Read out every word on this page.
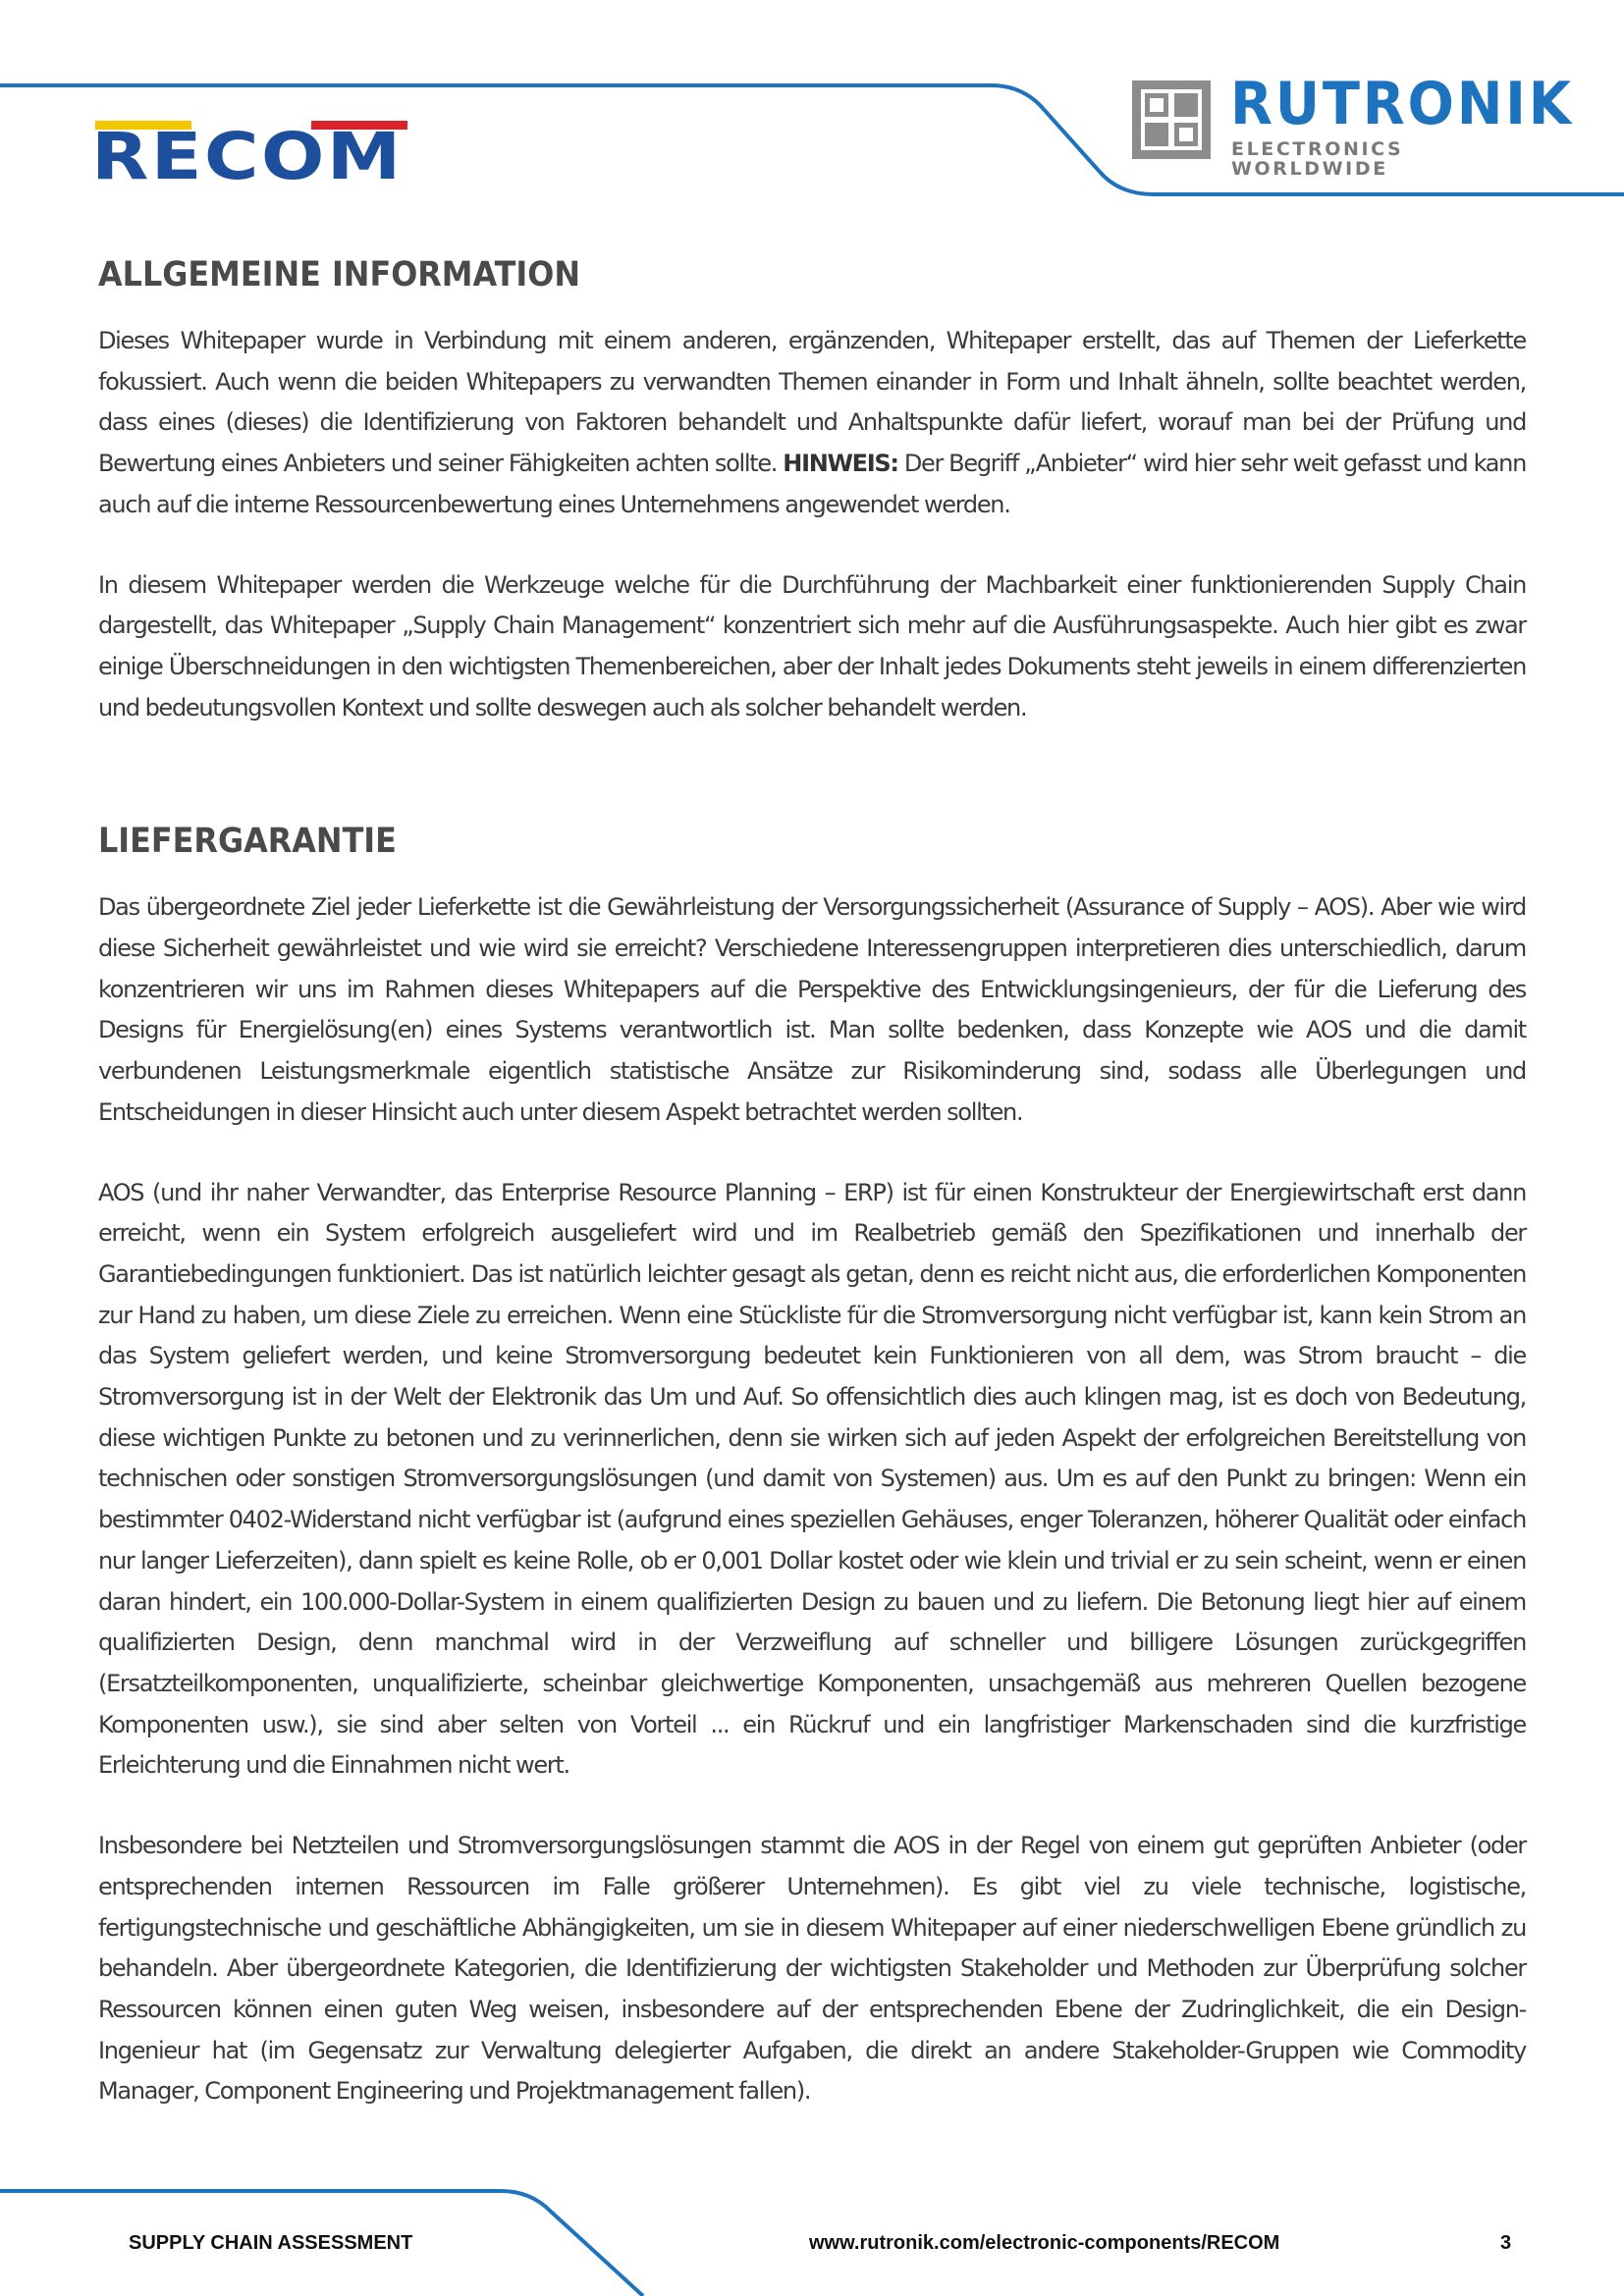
RECOM
RUTRONIK
ELECTRONICS WORLDWIDE
ALLGEMEINE INFORMATION

Dieses Whitepaper wurde in Verbindung mit einem anderen, ergänzenden, Whitepaper erstellt, das auf Themen der Lieferkette fokussiert. Auch wenn die beiden Whitepapers zu verwandten Themen einander in Form und Inhalt ähneln, sollte beachtet werden, dass eines (dieses) die Identifizierung von Faktoren behandelt und Anhaltspunkte dafür liefert, worauf man bei der Prüfung und Bewertung eines Anbieters und seiner Fähigkeiten achten sollte. HINWEIS: Der Begriff „Anbieter“ wird hier sehr weit gefasst und kann auch auf die interne Ressourcenbewertung eines Unternehmens angewendet werden.

In diesem Whitepaper werden die Werkzeuge welche für die Durchführung der Machbarkeit einer funktionierenden Supply Chain dargestellt, das Whitepaper „Supply Chain Management“ konzentriert sich mehr auf die Ausführungsaspekte. Auch hier gibt es zwar einige Überschneidungen in den wichtigsten Themenbereichen, aber der Inhalt jedes Dokuments steht jeweils in einem differenzierten und bedeutungsvollen Kontext und sollte deswegen auch als solcher behandelt werden.

LIEFERGARANTIE

Das übergeordnete Ziel jeder Lieferkette ist die Gewährleistung der Versorgungssicherheit (Assurance of Supply – AOS). Aber wie wird diese Sicherheit gewährleistet und wie wird sie erreicht? Verschiedene Interessengruppen interpretieren dies unterschiedlich, darum konzentrieren wir uns im Rahmen dieses Whitepapers auf die Perspektive des Entwicklungsingenieurs, der für die Lieferung des Designs für Energielösung(en) eines Systems verantwortlich ist. Man sollte bedenken, dass Konzepte wie AOS und die damit verbundenen Leistungsmerkmale eigentlich statistische Ansätze zur Risikominderung sind, sodass alle Überlegungen und Entscheidungen in dieser Hinsicht auch unter diesem Aspekt betrachtet werden sollten.

AOS (und ihr naher Verwandter, das Enterprise Resource Planning – ERP) ist für einen Konstrukteur der Energiewirtschaft erst dann erreicht, wenn ein System erfolgreich ausgeliefert wird und im Realbetrieb gemäß den Spezifikationen und innerhalb der Garantiebedingungen funktioniert. Das ist natürlich leichter gesagt als getan, denn es reicht nicht aus, die erforderlichen Komponenten zur Hand zu haben, um diese Ziele zu erreichen. Wenn eine Stückliste für die Stromversorgung nicht verfügbar ist, kann kein Strom an das System geliefert werden, und keine Stromversorgung bedeutet kein Funktionieren von all dem, was Strom braucht – die Stromversorgung ist in der Welt der Elektronik das Um und Auf. So offensichtlich dies auch klingen mag, ist es doch von Bedeutung, diese wichtigen Punkte zu betonen und zu verinnerlichen, denn sie wirken sich auf jeden Aspekt der erfolgreichen Bereitstellung von technischen oder sonstigen Stromversorgungslösungen (und damit von Systemen) aus. Um es auf den Punkt zu bringen: Wenn ein bestimmter 0402-Widerstand nicht verfügbar ist (aufgrund eines speziellen Gehäuses, enger Toleranzen, höherer Qualität oder einfach nur langer Lieferzeiten), dann spielt es keine Rolle, ob er 0,001 Dollar kostet oder wie klein und trivial er zu sein scheint, wenn er einen daran hindert, ein 100.000-Dollar-System in einem qualifizierten Design zu bauen und zu liefern. Die Betonung liegt hier auf einem qualifizierten Design, denn manchmal wird in der Verzweiflung auf schneller und billigere Lösungen zurückgegriffen (Ersatzteilkomponenten, unqualifizierte, scheinbar gleichwertige Komponenten, unsachgemäß aus mehreren Quellen bezogene Komponenten usw.), sie sind aber selten von Vorteil ... ein Rückruf und ein langfristiger Markenschaden sind die kurzfristige Erleichterung und die Einnahmen nicht wert.

Insbesondere bei Netzteilen und Stromversorgungslösungen stammt die AOS in der Regel von einem gut geprüften Anbieter (oder entsprechenden internen Ressourcen im Falle größerer Unternehmen). Es gibt viel zu viele technische, logistische, fertigungstechnische und geschäftliche Abhängigkeiten, um sie in diesem Whitepaper auf einer niederschwelligen Ebene gründlich zu behandeln. Aber übergeordnete Kategorien, die Identifizierung der wichtigsten Stakeholder und Methoden zur Überprüfung solcher Ressourcen können einen guten Weg weisen, insbesondere auf der entsprechenden Ebene der Zudringlichkeit, die ein Design-Ingenieur hat (im Gegensatz zur Verwaltung delegierter Aufgaben, die direkt an andere Stakeholder-Gruppen wie Commodity Manager, Component Engineering und Projektmanagement fallen).

SUPPLY CHAIN ASSESSMENT	www.rutronik.com/electronic-components/RECOM	3
